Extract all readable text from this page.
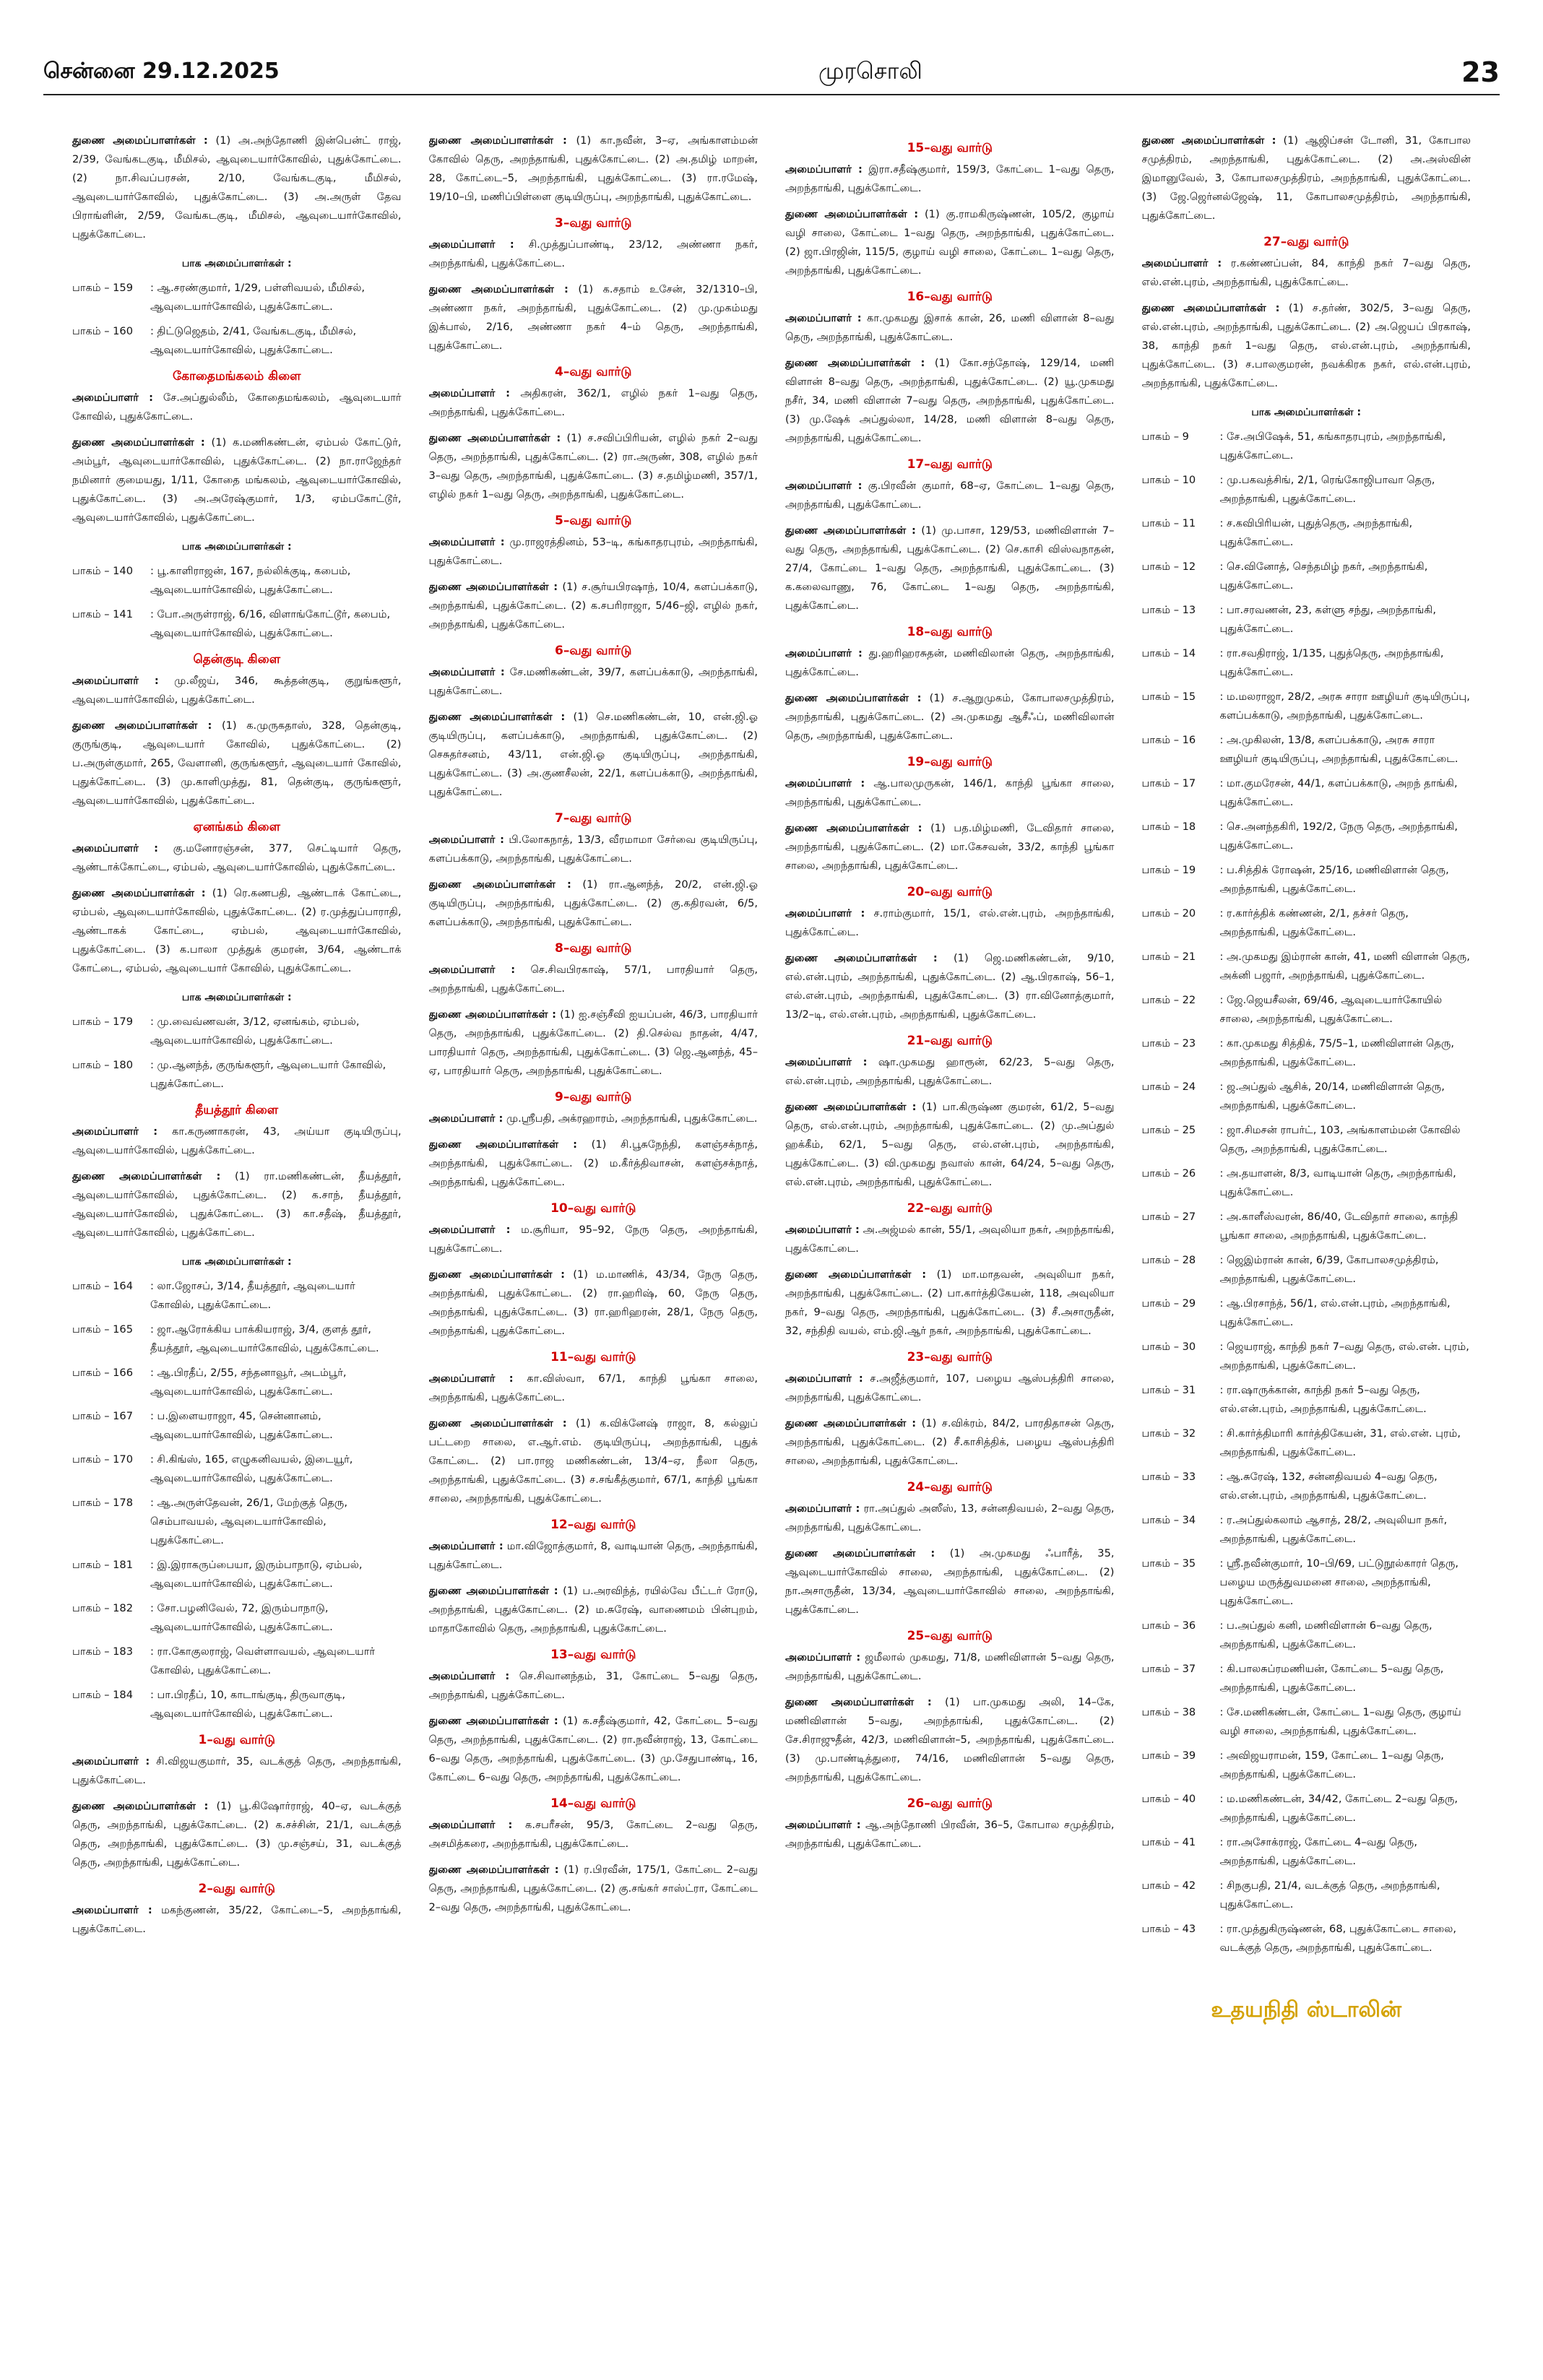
சென்னை 29.12.2025	முரசொலி	23
துணை அமைப்பாளர்கள் : (1) அ.அந்தோணி இன்பென்ட் ராஜ், 2/39, வேங்கடகுடி, மீமிசல், ஆவுடையார்கோவில், புதுக்கோட்டை. (2) நா.சிவப்பரசன், 2/10, வேங்கடகுடி, மீமிசல், ஆவுடையார்கோவில், புதுக்கோட்டை. (3) அ.அருள் தேவ பிராங்ளின், 2/59, வேங்கடகுடி, மீமிசல், ஆவுடையார்கோவில், புதுக்கோட்டை.
பாக அமைப்பாளர்கள் :
பாகம் – 159	: ஆ.சரண்குமார், 1/29, பள்ளிவயல், மீமிசல், ஆவுடையார்கோவில், புதுக்கோட்டை.
பாகம் – 160	: திட்டுஜெதம், 2/41, வேங்கடகுடி, மீமிசல், ஆவுடையார்கோவில், புதுக்கோட்டை.
கோதைமங்கலம் கிளை
அமைப்பாளர் : சே.அப்துல்லீம், கோதைமங்கலம், ஆவுடையார் கோவில், புதுக்கோட்டை.
துணை அமைப்பாளர்கள் : (1) க.மணிகண்டன், ஏம்பல் கோட்டுர், அம்பூர், ஆவுடையார்கோவில், புதுக்கோட்டை. (2) நா.ராஜேந்தர் நமினார் குமையது, 1/11, கோதை மங்கலம், ஆவுடையார்கோவில், புதுக்கோட்டை. (3) அ.அரேஷ்குமார், 1/3, ஏம்பகோட்டூர், ஆவுடையார்கோவில், புதுக்கோட்டை.
பாக அமைப்பாளர்கள் :
பாகம் – 140	: பூ.காளிராஜன், 167, நல்லிக்குடி, கபைம், ஆவுடையார்கோவில், புதுக்கோட்டை.
பாகம் – 141	: போ.அருள்ராஜ், 6/16, விளாங்கோட்டூர், கபைம், ஆவுடையார்கோவில், புதுக்கோட்டை.
தென்குடி கிளை
அமைப்பாளர் : மு.லீஜய், 346, கூத்தன்குடி, குறுங்களூர், ஆவுடையார்கோவில், புதுக்கோட்டை.
துணை அமைப்பாளர்கள் : (1) க.முருகதாஸ், 328, தென்குடி, குருங்குடி, ஆவுடையார் கோவில், புதுக்கோட்டை. (2) ப.அருள்குமார், 265, வேளானி, குருங்களூர், ஆவுடையார் கோவில், புதுக்கோட்டை. (3) மு.காளிமுத்து, 81, தென்குடி, குருங்களூர், ஆவுடையார்கோவில், புதுக்கோட்டை.
ஏனங்கம் கிளை
அமைப்பாளர் : கு.மனோரஞ்சன், 377, செட்டியார் தெரு, ஆண்டாக்கோட்டை, ஏம்பல், ஆவுடையார்கோவில், புதுக்கோட்டை.
துணை அமைப்பாளர்கள் : (1) ரெ.கணபதி, ஆண்டாக் கோட்டை, ஏம்பல், ஆவுடையார்கோவில், புதுக்கோட்டை. (2) ர.முத்துப்பாராதி, ஆண்டாகக் கோட்டை, ஏம்பல், ஆவுடையார்கோவில், புதுக்கோட்டை. (3) க.பாலா முத்துக் குமரன், 3/64, ஆண்டாக் கோட்டை, ஏம்பல், ஆவுடையார் கோவில், புதுக்கோட்டை.
பாக அமைப்பாளர்கள் :
பாகம் – 179	: மு.வைவ்ணவன், 3/12, ஏனங்கம், ஏம்பல், ஆவுடையார்கோவில், புதுக்கோட்டை.
பாகம் – 180	: மு.ஆனந்த், குருங்களூர், ஆவுடையார் கோவில், புதுக்கோட்டை.
தீயத்தூர் கிளை
அமைப்பாளர் : கா.கருணாகரன், 43, அய்யா குடியிருப்பு, ஆவுடையார்கோவில், புதுக்கோட்டை.
துணை அமைப்பாளர்கள் : (1) ரா.மணிகண்டன், தீயத்தூர், ஆவுடையார்கோவில், புதுக்கோட்டை. (2) க.சாந், தீயத்தூர், ஆவுடையார்கோவில், புதுக்கோட்டை. (3) கா.சதீஷ், தீயத்தூர், ஆவுடையார்கோவில், புதுக்கோட்டை.
பாக அமைப்பாளர்கள் :
பாகம் – 164	: லா.ஜோசப், 3/14, தீயத்தூர், ஆவுடையார் கோவில், புதுக்கோட்டை.
பாகம் – 165	: ஜா.ஆரோக்கிய பாக்கியராஜ், 3/4, குளத் தூர், தீயத்தூர், ஆவுடையார்கோவில், புதுக்கோட்டை.
பாகம் – 166	: ஆ.பிரதீப், 2/55, சந்தனாவூர், அடம்பூர், ஆவுடையார்கோவில், புதுக்கோட்டை.
பாகம் – 167	: ப.இளையராஜா, 45, சென்னானம், ஆவுடையார்கோவில், புதுக்கோட்டை.
பாகம் – 170	: சி.கிங்ஸ், 165, எழுகனிவயல், இடையூர், ஆவுடையார்கோவில், புதுக்கோட்டை.
பாகம் – 178	: ஆ.அருள்தேவன், 26/1, மேற்குத் தெரு, செம்பாவயல், ஆவுடையார்கோவில், புதுக்கோட்டை.
பாகம் – 181	: இ.இராகருப்பையா, இரும்பாநாடு, ஏம்பல், ஆவுடையார்கோவில், புதுக்கோட்டை.
பாகம் – 182	: சோ.பழனிவேல், 72, இரும்பாநாடு, ஆவுடையார்கோவில், புதுக்கோட்டை.
பாகம் – 183	: ரா.கோகுலராஜ், வெள்ளாவயல், ஆவுடையார் கோவில், புதுக்கோட்டை.
பாகம் – 184	: பா.பிரதீப், 10, காடாங்குடி, திருவாகுடி, ஆவுடையார்கோவில், புதுக்கோட்டை.
1–வது வார்டு
அமைப்பாளர் : சி.விஜயகுமார், 35, வடக்குத் தெரு, அறந்தாங்கி, புதுக்கோட்டை.
துணை அமைப்பாளர்கள் : (1) பூ.கிஷோர்ராஜ், 40–ஏ, வடக்குத் தெரு, அறந்தாங்கி, புதுக்கோட்டை. (2) க.சச்சின், 21/1, வடக்குத் தெரு, அறந்தாங்கி, புதுக்கோட்டை. (3) மு.சஞ்சய், 31, வடக்குத் தெரு, அறந்தாங்கி, புதுக்கோட்டை.
2–வது வார்டு
அமைப்பாளர் : மகந்குணன், 35/22, கோட்டை–5, அறந்தாங்கி, புதுக்கோட்டை.
துணை அமைப்பாளர்கள் : (1) கா.நவீன், 3–ஏ, அங்காளம்மன் கோவில் தெரு, அறந்தாங்கி, புதுக்கோட்டை. (2) அ.தமிழ் மாறன், 28, கோட்டை–5, அறந்தாங்கி, புதுக்கோட்டை. (3) ரா.ரமேஷ், 19/10–பி, மணிப்பிள்ளை குடியிருப்பு, அறந்தாங்கி, புதுக்கோட்டை.
3–வது வார்டு
அமைப்பாளர் : சி.முத்துப்பாண்டி, 23/12, அண்ணா நகர், அறந்தாங்கி, புதுக்கோட்டை.
துணை அமைப்பாளர்கள் : (1) க.சதாம் உசேன், 32/1310–பி, அண்ணா நகர், அறந்தாங்கி, புதுக்கோட்டை. (2) மு.முகம்மது இக்பால், 2/16, அண்ணா நகர் 4–ம் தெரு, அறந்தாங்கி, புதுக்கோட்டை.
4–வது வார்டு
அமைப்பாளர் : அதிகரன், 362/1, எழில் நகர் 1–வது தெரு, அறந்தாங்கி, புதுக்கோட்டை.
துணை அமைப்பாளர்கள் : (1) ச.சவிப்பிரியன், எழில் நகர் 2–வது தெரு, அறந்தாங்கி, புதுக்கோட்டை. (2) ரா.அருண், 308, எழில் நகர் 3–வது தெரு, அறந்தாங்கி, புதுக்கோட்டை. (3) ச.தமிழ்மணி, 357/1, எழில் நகர் 1–வது தெரு, அறந்தாங்கி, புதுக்கோட்டை.
5–வது வார்டு
அமைப்பாளர் : மு.ராஜரத்தினம், 53–டி, கங்காதரபுரம், அறந்தாங்கி, புதுக்கோட்டை.
துணை அமைப்பாளர்கள் : (1) ச.சூர்யபிரஷாந், 10/4, களப்பக்காடு, அறந்தாங்கி, புதுக்கோட்டை. (2) க.சபரிராஜா, 5/46–ஜி, எழில் நகர், அறந்தாங்கி, புதுக்கோட்டை.
6–வது வார்டு
அமைப்பாளர் : சே.மணிகண்டன், 39/7, களப்பக்காடு, அறந்தாங்கி, புதுக்கோட்டை.
துணை அமைப்பாளர்கள் : (1) செ.மணிகண்டன், 10, என்.ஜி.ஓ குடியிருப்பு, களப்பக்காடு, அறந்தாங்கி, புதுக்கோட்டை. (2) செசுதர்சனம், 43/11, என்.ஜி.ஓ குடியிருப்பு, அறந்தாங்கி, புதுக்கோட்டை. (3) அ.குணசீலன், 22/1, களப்பக்காடு, அறந்தாங்கி, புதுக்கோட்டை.
7–வது வார்டு
அமைப்பாளர் : பி.லோகநாத், 13/3, வீரமாமா சேர்வை குடியிருப்பு, களப்பக்காடு, அறந்தாங்கி, புதுக்கோட்டை.
துணை அமைப்பாளர்கள் : (1) ரா.ஆனந்த், 20/2, என்.ஜி.ஓ குடியிருப்பு, அறந்தாங்கி, புதுக்கோட்டை. (2) கு.கதிரவன், 6/5, களப்பக்காடு, அறந்தாங்கி, புதுக்கோட்டை.
8–வது வார்டு
அமைப்பாளர் : செ.சிவபிரகாஷ், 57/1, பாரதியார் தெரு, அறந்தாங்கி, புதுக்கோட்டை.
துணை அமைப்பாளர்கள் : (1) ஐ.சஞ்சீவி ஐயப்பன், 46/3, பாரதியார் தெரு, அறந்தாங்கி, புதுக்கோட்டை. (2) தி.செல்வ நாதன், 4/47, பாரதியார் தெரு, அறந்தாங்கி, புதுக்கோட்டை. (3) ஜெ.ஆனந்த், 45–ஏ, பாரதியார் தெரு, அறந்தாங்கி, புதுக்கோட்டை.
9–வது வார்டு
அமைப்பாளர் : மு.ஸ்ரீபதி, அக்ரஹாரம், அறந்தாங்கி, புதுக்கோட்டை.
துணை அமைப்பாளர்கள் : (1) சி.பூசுநேந்தி, களஞ்சக்நாத், அறந்தாங்கி, புதுக்கோட்டை. (2) ம.கீர்த்திவாசன், களஞ்சக்நாத், அறந்தாங்கி, புதுக்கோட்டை.
10–வது வார்டு
அமைப்பாளர் : ம.சூரியா, 95–92, நேரு தெரு, அறந்தாங்கி, புதுக்கோட்டை.
துணை அமைப்பாளர்கள் : (1) ம.மாணிக், 43/34, நேரு தெரு, அறந்தாங்கி, புதுக்கோட்டை. (2) ரா.ஹரிஷ், 60, நேரு தெரு, அறந்தாங்கி, புதுக்கோட்டை. (3) ரா.ஹரிஹரன், 28/1, நேரு தெரு, அறந்தாங்கி, புதுக்கோட்டை.
11–வது வார்டு
அமைப்பாளர் : கா.விஸ்வா, 67/1, காந்தி பூங்கா சாலை, அறந்தாங்கி, புதுக்கோட்டை.
துணை அமைப்பாளர்கள் : (1) க.விக்னேஷ் ராஜா, 8, கல்லுப் பட்டறை சாலை, எ.ஆர்.எம். குடியிருப்பு, அறந்தாங்கி, புதுக் கோட்டை. (2) பா.ராஜ மணிகண்டன், 13/4–ஏ, நீலா தெரு, அறந்தாங்கி, புதுக்கோட்டை. (3) ச.சங்கீத்குமார், 67/1, காந்தி பூங்கா சாலை, அறந்தாங்கி, புதுக்கோட்டை.
12–வது வார்டு
அமைப்பாளர் : மா.விஜோத்குமார், 8, வாடியான் தெரு, அறந்தாங்கி, புதுக்கோட்டை.
துணை அமைப்பாளர்கள் : (1) ப.அரவிந்த், ரயில்வே பீட்டர் ரோடு, அறந்தாங்கி, புதுக்கோட்டை. (2) ம.சுரேஷ், வாணைமம் பின்புறம், மாதாகோவில் தெரு, அறந்தாங்கி, புதுக்கோட்டை.
13–வது வார்டு
அமைப்பாளர் : செ.சிவானந்தம், 31, கோட்டை 5–வது தெரு, அறந்தாங்கி, புதுக்கோட்டை.
துணை அமைப்பாளர்கள் : (1) க.சதீஷ்குமார், 42, கோட்டை 5–வது தெரு, அறந்தாங்கி, புதுக்கோட்டை. (2) ரா.நவீன்ராஜ், 13, கோட்டை 6–வது தெரு, அறந்தாங்கி, புதுக்கோட்டை. (3) மு.சேதுபாண்டி, 16, கோட்டை 6–வது தெரு, அறந்தாங்கி, புதுக்கோட்டை.
14–வது வார்டு
அமைப்பாளர் : க.சபரீசன், 95/3, கோட்டை 2–வது தெரு, அசமித்கரை, அறந்தாங்கி, புதுக்கோட்டை.
துணை அமைப்பாளர்கள் : (1) ர.பிரவீன், 175/1, கோட்டை 2–வது தெரு, அறந்தாங்கி, புதுக்கோட்டை. (2) கு.சங்கர் சாஸ்ட்ரா, கோட்டை 2–வது தெரு, அறந்தாங்கி, புதுக்கோட்டை.
15–வது வார்டு
அமைப்பாளர் : இரா.சதீஷ்குமார், 159/3, கோட்டை 1–வது தெரு, அறந்தாங்கி, புதுக்கோட்டை.
துணை அமைப்பாளர்கள் : (1) கு.ராமகிருஷ்ணன், 105/2, குழாய் வழி சாலை, கோட்டை 1–வது தெரு, அறந்தாங்கி, புதுக்கோட்டை. (2) ஜா.பிரஜின், 115/5, குழாய் வழி சாலை, கோட்டை 1–வது தெரு, அறந்தாங்கி, புதுக்கோட்டை.
16–வது வார்டு
அமைப்பாளர் : கா.முகமது இசாக் கான், 26, மணி விளான் 8–வது தெரு, அறந்தாங்கி, புதுக்கோட்டை.
துணை அமைப்பாளர்கள் : (1) கோ.சந்தோஷ், 129/14, மணி விளான் 8–வது தெரு, அறந்தாங்கி, புதுக்கோட்டை. (2) யூ.முகமது நசீர், 34, மணி விளான் 7–வது தெரு, அறந்தாங்கி, புதுக்கோட்டை. (3) மு.ஷேக் அப்துல்லா, 14/28, மணி விளான் 8–வது தெரு, அறந்தாங்கி, புதுக்கோட்டை.
17–வது வார்டு
அமைப்பாளர் : கு.பிரவீன் குமார், 68–ஏ, கோட்டை 1–வது தெரு, அறந்தாங்கி, புதுக்கோட்டை.
துணை அமைப்பாளர்கள் : (1) மு.பாசா, 129/53, மணிவிளான் 7–வது தெரு, அறந்தாங்கி, புதுக்கோட்டை. (2) செ.காசி விஸ்வநாதன், 27/4, கோட்டை 1–வது தெரு, அறந்தாங்கி, புதுக்கோட்டை. (3) க.கலைவாணு, 76, கோட்டை 1–வது தெரு, அறந்தாங்கி, புதுக்கோட்டை.
18–வது வார்டு
அமைப்பாளர் : து.ஹரிஹரசுதன், மணிவிலான் தெரு, அறந்தாங்கி, புதுக்கோட்டை.
துணை அமைப்பாளர்கள் : (1) ச.ஆறுமுகம், கோபாலசமுத்திரம், அறந்தாங்கி, புதுக்கோட்டை. (2) அ.முகமது ஆசீஃப், மணிவிலான் தெரு, அறந்தாங்கி, புதுக்கோட்டை.
19–வது வார்டு
அமைப்பாளர் : ஆ.பாலமுருகன், 146/1, காந்தி பூங்கா சாலை, அறந்தாங்கி, புதுக்கோட்டை.
துணை அமைப்பாளர்கள் : (1) பத.மிழ்மணி, டேவிதார் சாலை, அறந்தாங்கி, புதுக்கோட்டை. (2) மா.கேசவன், 33/2, காந்தி பூங்கா சாலை, அறந்தாங்கி, புதுக்கோட்டை.
20–வது வார்டு
அமைப்பாளர் : ச.ராம்குமார், 15/1, எல்.என்.புரம், அறந்தாங்கி, புதுக்கோட்டை.
துணை அமைப்பாளர்கள் : (1) ஜெ.மணிகண்டன், 9/10, எல்.என்.புரம், அறந்தாங்கி, புதுக்கோட்டை. (2) ஆ.பிரகாஷ், 56–1, எல்.என்.புரம், அறந்தாங்கி, புதுக்கோட்டை. (3) ரா.வினோத்குமார், 13/2–டி, எல்.என்.புரம், அறந்தாங்கி, புதுக்கோட்டை.
21–வது வார்டு
அமைப்பாளர் : ஷா.முகமது ஹாரூன், 62/23, 5–வது தெரு, எல்.என்.புரம், அறந்தாங்கி, புதுக்கோட்டை.
துணை அமைப்பாளர்கள் : (1) பா.கிருஷ்ண குமரன், 61/2, 5–வது தெரு, எல்.என்.புரம், அறந்தாங்கி, புதுக்கோட்டை. (2) மு.அப்துல் ஹக்கீம், 62/1, 5–வது தெரு, எல்.என்.புரம், அறந்தாங்கி, புதுக்கோட்டை. (3) வி.முகமது நவாஸ் கான், 64/24, 5–வது தெரு, எல்.என்.புரம், அறந்தாங்கி, புதுக்கோட்டை.
22–வது வார்டு
அமைப்பாளர் : அ.அஜ்மல் கான், 55/1, அவுலியா நகர், அறந்தாங்கி, புதுக்கோட்டை.
துணை அமைப்பாளர்கள் : (1) மா.மாதவன், அவுலியா நகர், அறந்தாங்கி, புதுக்கோட்டை. (2) பா.கார்த்திகேயன், 118, அவுலியா நகர், 9–வது தெரு, அறந்தாங்கி, புதுக்கோட்டை. (3) சீ.அசாருதீன், 32, சந்திதி வயல், எம்.ஜி.ஆர் நகர், அறந்தாங்கி, புதுக்கோட்டை.
23–வது வார்டு
அமைப்பாளர் : ச.அஜீத்குமார், 107, பழைய ஆஸ்பத்திரி சாலை, அறந்தாங்கி, புதுக்கோட்டை.
துணை அமைப்பாளர்கள் : (1) ச.விக்ரம், 84/2, பாரதிதாசன் தெரு, அறந்தாங்கி, புதுக்கோட்டை. (2) சீ.காசித்திக், பழைய ஆஸ்பத்திரி சாலை, அறந்தாங்கி, புதுக்கோட்டை.
24–வது வார்டு
அமைப்பாளர் : ரா.அப்துல் அஸீஸ், 13, சன்னதிவயல், 2–வது தெரு, அறந்தாங்கி, புதுக்கோட்டை.
துணை அமைப்பாளர்கள் : (1) அ.முகமது ஃபாரீத், 35, ஆவுடையார்கோவில் சாலை, அறந்தாங்கி, புதுக்கோட்டை. (2) நா.அசாருதீன், 13/34, ஆவுடையார்கோவில் சாலை, அறந்தாங்கி, புதுக்கோட்டை.
25–வது வார்டு
அமைப்பாளர் : ஜமீலால் முகமது, 71/8, மணிவிளான் 5–வது தெரு, அறந்தாங்கி, புதுக்கோட்டை.
துணை அமைப்பாளர்கள் : (1) பா.முகமது அலி, 14–கே, மணிவிளான் 5–வது, அறந்தாங்கி, புதுக்கோட்டை. (2) சே.சிராஜுதீன், 42/3, மணிவிளான்–5, அறந்தாங்கி, புதுக்கோட்டை. (3) மு.பாண்டித்துரை, 74/16, மணிவிளான் 5–வது தெரு, அறந்தாங்கி, புதுக்கோட்டை.
26–வது வார்டு
அமைப்பாளர் : ஆ.அந்தோணி பிரவீன், 36–5, கோபால சமுத்திரம், அறந்தாங்கி, புதுக்கோட்டை.
துணை அமைப்பாளர்கள் : (1) ஆஜிப்சன் டோனி, 31, கோபால சமுத்திரம், அறந்தாங்கி, புதுக்கோட்டை. (2) அ.அஸ்வின் இமானுவேல், 3, கோபாலசமுத்திரம், அறந்தாங்கி, புதுக்கோட்டை. (3) ஜே.ஜெர்னல்ஜேஷ், 11, கோபாலசமுத்திரம், அறந்தாங்கி, புதுக்கோட்டை.
27–வது வார்டு
அமைப்பாளர் : ர.கண்ணப்பன், 84, காந்தி நகர் 7–வது தெரு, எல்.என்.புரம், அறந்தாங்கி, புதுக்கோட்டை.
துணை அமைப்பாளர்கள் : (1) ச.தர்ண், 302/5, 3–வது தெரு, எல்.என்.புரம், அறந்தாங்கி, புதுக்கோட்டை. (2) அ.ஜெயப் பிரகாஷ், 38, காந்தி நகர் 1–வது தெரு, எல்.என்.புரம், அறந்தாங்கி, புதுக்கோட்டை. (3) ச.பாலகுமரன், நவக்கிரக நகர், எல்.என்.புரம், அறந்தாங்கி, புதுக்கோட்டை.
பாக அமைப்பாளர்கள் :
பாகம் – 9	: சே.அபிஷேக், 51, கங்காதரபுரம், அறந்தாங்கி, புதுக்கோட்டை.
பாகம் – 10	: மு.பகவத்சிங், 2/1, ரெங்கோஜிபாவா தெரு, அறந்தாங்கி, புதுக்கோட்டை.
பாகம் – 11	: ச.கவிபிரியன், புதுத்தெரு, அறந்தாங்கி, புதுக்கோட்டை.
பாகம் – 12	: செ.வினோத், செந்தமிழ் நகர், அறந்தாங்கி, புதுக்கோட்டை.
பாகம் – 13	: பா.சரவணன், 23, கள்ளு சந்து, அறந்தாங்கி, புதுக்கோட்டை.
பாகம் – 14	: ரா.சவதிராஜ், 1/135, புதுத்தெரு, அறந்தாங்கி, புதுக்கோட்டை.
பாகம் – 15	: ம.மலராஜா, 28/2, அரசு சாரா ஊழியர் குடியிருப்பு, களப்பக்காடு, அறந்தாங்கி, புதுக்கோட்டை.
பாகம் – 16	: அ.முகிலன், 13/8, களப்பக்காடு, அரசு சாரா ஊழியர் குடியிருப்பு, அறந்தாங்கி, புதுக்கோட்டை.
பாகம் – 17	: மா.குமரேசன், 44/1, களப்பக்காடு, அறந் தாங்கி, புதுக்கோட்டை.
பாகம் – 18	: செ.அனந்தகிரி, 192/2, நேரு தெரு, அறந்தாங்கி, புதுக்கோட்டை.
பாகம் – 19	: ப.சித்திக் ரோஷன், 25/16, மணிவிளான் தெரு, அறந்தாங்கி, புதுக்கோட்டை.
பாகம் – 20	: ர.கார்த்திக் கண்ணன், 2/1, தச்சர் தெரு, அறந்தாங்கி, புதுக்கோட்டை.
பாகம் – 21	: அ.முகமது இம்ரான் கான், 41, மணி விளான் தெரு, அக்னி பஜார், அறந்தாங்கி, புதுக்கோட்டை.
பாகம் – 22	: ஜே.ஜெயசீலன், 69/46, ஆவுடையார்கோயில் சாலை, அறந்தாங்கி, புதுக்கோட்டை.
பாகம் – 23	: கா.முகமது சித்திக், 75/5–1, மணிவிளான் தெரு, அறந்தாங்கி, புதுக்கோட்டை.
பாகம் – 24	: ஜ.அப்துல் ஆசிக், 20/14, மணிவிளான் தெரு, அறந்தாங்கி, புதுக்கோட்டை.
பாகம் – 25	: ஜா.சிமசன் ராபர்ட், 103, அங்காளம்மன் கோவில் தெரு, அறந்தாங்கி, புதுக்கோட்டை.
பாகம் – 26	: அ.தயாளன், 8/3, வாடியான் தெரு, அறந்தாங்கி, புதுக்கோட்டை.
பாகம் – 27	: அ.காளீஸ்வரன், 86/40, டேவிதார் சாலை, காந்தி பூங்கா சாலை, அறந்தாங்கி, புதுக்கோட்டை.
பாகம் – 28	: ஜெஇம்ரான் கான், 6/39, கோபாலசமுத்திரம், அறந்தாங்கி, புதுக்கோட்டை.
பாகம் – 29	: ஆ.பிரசாந்த், 56/1, எல்.என்.புரம், அறந்தாங்கி, புதுக்கோட்டை.
பாகம் – 30	: ஜெயராஜ், காந்தி நகர் 7–வது தெரு, எல்.என். புரம், அறந்தாங்கி, புதுக்கோட்டை.
பாகம் – 31	: ரா.ஷாருக்கான், காந்தி நகர் 5–வது தெரு, எல்.என்.புரம், அறந்தாங்கி, புதுக்கோட்டை.
பாகம் – 32	: சி.கார்த்திமாரி கார்த்திகேயன், 31, எல்.என். புரம், அறந்தாங்கி, புதுக்கோட்டை.
பாகம் – 33	: ஆ.சுரேஷ், 132, சன்னதிவயல் 4–வது தெரு, எல்.என்.புரம், அறந்தாங்கி, புதுக்கோட்டை.
பாகம் – 34	: ர.அப்துல்கலாம் ஆசாத், 28/2, அவுலியா நகர், அறந்தாங்கி, புதுக்கோட்டை.
பாகம் – 35	: ஸ்ரீ.நவீன்குமார், 10–பி/69, பட்டுநூல்காரர் தெரு, பழைய மருத்துவமனை சாலை, அறந்தாங்கி, புதுக்கோட்டை.
பாகம் – 36	: ப.அப்துல் கனி, மணிவிளான் 6–வது தெரு, அறந்தாங்கி, புதுக்கோட்டை.
பாகம் – 37	: கி.பாலசுப்ரமணியன், கோட்டை 5–வது தெரு, அறந்தாங்கி, புதுக்கோட்டை.
பாகம் – 38	: சே.மணிகண்டன், கோட்டை 1–வது தெரு, குழாய் வழி சாலை, அறந்தாங்கி, புதுக்கோட்டை.
பாகம் – 39	: அவிஜயராமன், 159, கோட்டை 1–வது தெரு, அறந்தாங்கி, புதுக்கோட்டை.
பாகம் – 40	: ம.மணிகண்டன், 34/42, கோட்டை 2–வது தெரு, அறந்தாங்கி, புதுக்கோட்டை.
பாகம் – 41	: ரா.அசோக்ராஜ், கோட்டை 4–வது தெரு, அறந்தாங்கி, புதுக்கோட்டை.
பாகம் – 42	: சிநகுபதி, 21/4, வடக்குத் தெரு, அறந்தாங்கி, புதுக்கோட்டை.
பாகம் – 43	: ரா.முத்துகிருஷ்ணன், 68, புதுக்கோட்டை சாலை, வடக்குத் தெரு, அறந்தாங்கி, புதுக்கோட்டை.
உதயநிதி ஸ்டாலின்
